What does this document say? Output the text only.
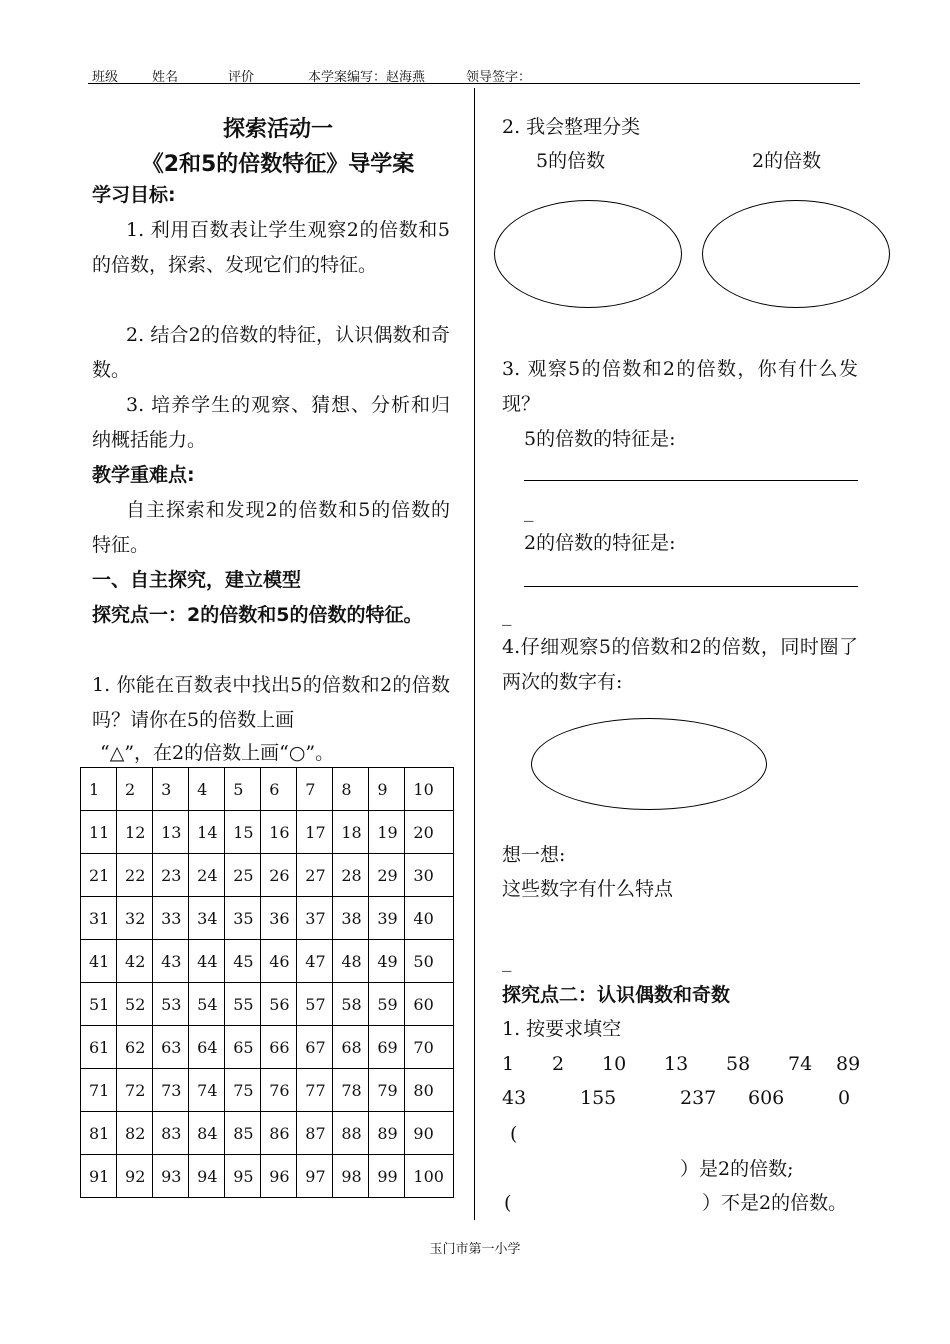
班级	姓名	评价	本学案编写：赵海燕	领导签字：
探索活动一
《2和5的倍数特征》导学案
学习目标:
1. 利用百数表让学生观察2的倍数和5的倍数，探索、发现它们的特征。
2. 结合2的倍数的特征，认识偶数和奇数。
3. 培养学生的观察、猜想、分析和归纳概括能力。
教学重难点:
自主探索和发现2的倍数和5的倍数的特征。
一、自主探究，建立模型
探究点一：2的倍数和5的倍数的特征。
1. 你能在百数表中找出5的倍数和2的倍数吗？请你在5的倍数上画
“△”，在2的倍数上画“○”。
1	2	3	4	5	6	7	8	9	10
11	12	13	14	15	16	17	18	19	20
21	22	23	24	25	26	27	28	29	30
31	32	33	34	35	36	37	38	39	40
41	42	43	44	45	46	47	48	49	50
51	52	53	54	55	56	57	58	59	60
61	62	63	64	65	66	67	68	69	70
71	72	73	74	75	76	77	78	79	80
81	82	83	84	85	86	87	88	89	90
91	92	93	94	95	96	97	98	99	100
2. 我会整理分类
5的倍数	2的倍数
3. 观察5的倍数和2的倍数，你有什么发现？
5的倍数的特征是:
_
2的倍数的特征是:
_
4.仔细观察5的倍数和2的倍数，同时圈了两次的数字有:
想一想:
这些数字有什么特点
_
探究点二：认识偶数和奇数
1. 按要求填空
1 2 10 13 58 74 89
43	155	237 606	0
(
）是2的倍数;
(	）不是2的倍数。
玉门市第一小学
